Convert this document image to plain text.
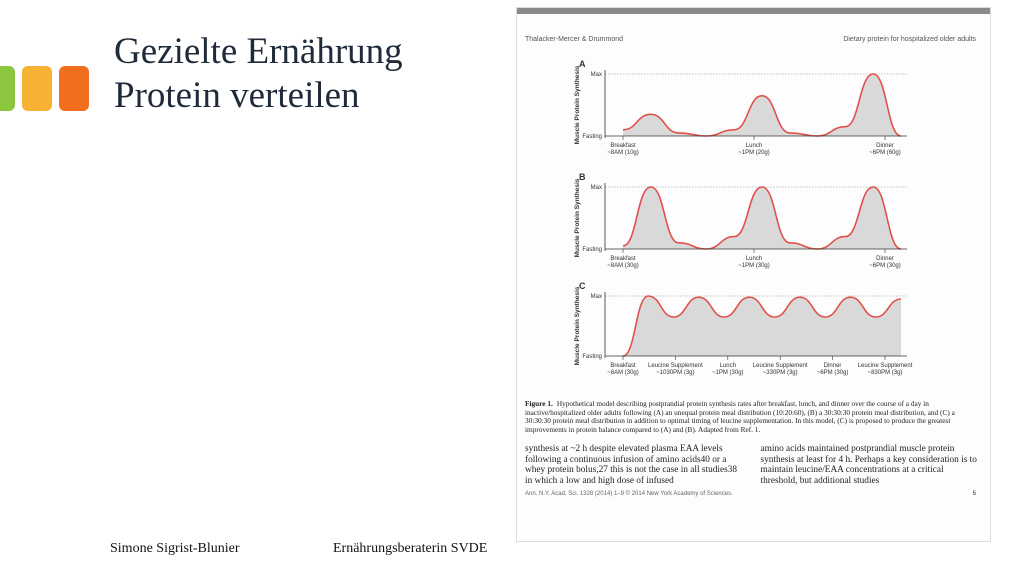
Gezielte Ernährung
Protein verteilen
Thalacker-Mercer & Drummond	Dietary protein for hospitalized older adults
A
Muscle Protein Synthesis Max
Fasting
Breakfast
~8AM (10g)
Lunch
~1PM (20g)
Dinner
~6PM (60g)
B
Muscle Protein Synthesis Max
Fasting
Breakfast
~8AM (30g)
Lunch
~1PM (30g)
Dinner
~6PM (30g)
C
Muscle Protein Synthesis Max
Fasting
Breakfast
~8AM (30g)
Leucine Supplement
~1030PM (3g)
Lunch
~1PM (30g)
Leucine Supplement
~330PM (3g)
Dinner
~6PM (30g)
Leucine Supplement
~830PM (3g)
Figure 1. Hypothetical model describing postprandial protein synthesis rates after breakfast, lunch, and dinner over the course of a day in inactive/hospitalized older adults following (A) an unequal protein meal distribution (10:20:60), (B) a 30:30:30 protein meal distribution, and (C) a 30:30:30 protein meal distribution in addition to optimal timing of leucine supplementation. In this model, (C) is proposed to produce the greatest improvements in protein balance compared to (A) and (B). Adapted from Ref. 1.
synthesis at ~2 h despite elevated plasma EAA levels following a continuous infusion of amino acids40 or a whey protein bolus,27 this is not the case in all studies38 in which a low and high dose of infused
amino acids maintained postprandial muscle protein synthesis at least for 4 h. Perhaps a key consideration is to maintain leucine/EAA concentrations at a critical threshold, but additional studies
Ann. N.Y. Acad. Sci. 1328 (2014) 1–9 © 2014 New York Academy of Sciences.	5
Simone Sigrist-Blunier	Ernährungsberaterin SVDE
